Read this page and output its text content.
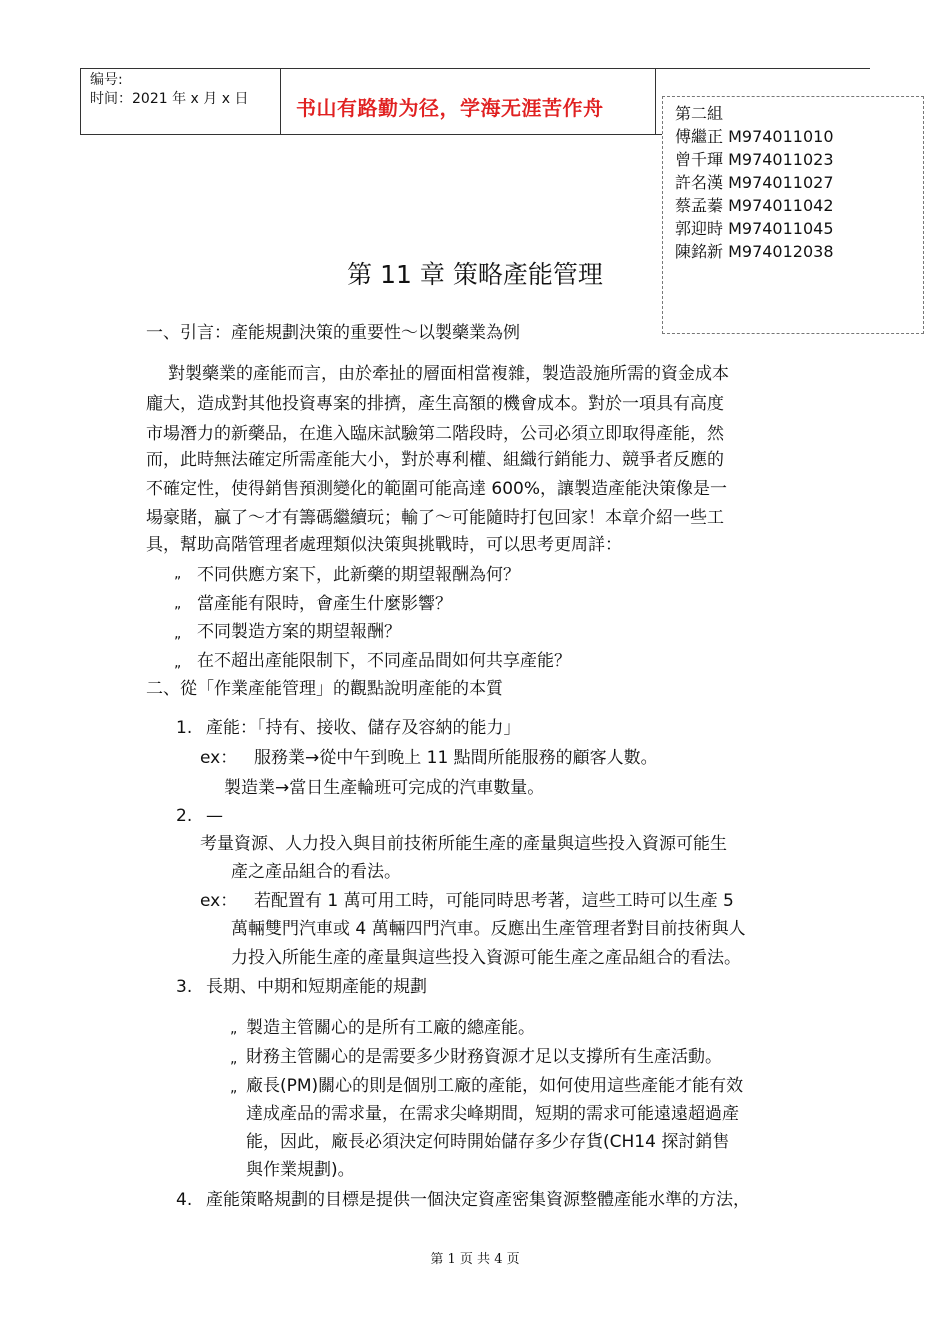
编号:
时间：2021 年 x 月 x 日 书山有路勤为径，学海无涯苦作舟	第二組
傅繼正 M974011010
曾千琿 M974011023
許名漢 M974011027
蔡孟蓁 M974011042
郭迎時 M974011045
陳銘新 M974012038
第 11 章 策略產能管理
一、引言：產能規劃決策的重要性～以製藥業為例
對製藥業的產能而言，由於牽扯的層面相當複雜，製造設施所需的資金成本
龐大，造成對其他投資專案的排擠，產生高額的機會成本。對於一項具有高度
市場潛力的新藥品，在進入臨床試驗第二階段時，公司必須立即取得產能，然
而，此時無法確定所需產能大小，對於專利權、組織行銷能力、競爭者反應的
不確定性，使得銷售預測變化的範圍可能高達 600%，讓製造產能決策像是一
場豪賭，贏了～才有籌碼繼續玩；輸了～可能隨時打包回家！本章介紹一些工
具，幫助高階管理者處理類似決策與挑戰時，可以思考更周詳：
„ 不同供應方案下，此新藥的期望報酬為何？
„ 當產能有限時，會產生什麼影響？
„ 不同製造方案的期望報酬？
„ 在不超出產能限制下，不同產品間如何共享產能？
二、從「作業產能管理」的觀點說明產能的本質
1. 產能：「持有、接收、儲存及容納的能力」
ex： 服務業→從中午到晚上 11 點間所能服務的顧客人數。
製造業→當日生產輪班可完成的汽車數量。
2. —
考量資源、人力投入與目前技術所能生產的產量與這些投入資源可能生
產之產品組合的看法。
ex： 若配置有 1 萬可用工時，可能同時思考著，這些工時可以生產 5
萬輛雙門汽車或 4 萬輛四門汽車。反應出生產管理者對目前技術與人
力投入所能生產的產量與這些投入資源可能生產之產品組合的看法。
3. 長期、中期和短期產能的規劃
„ 製造主管關心的是所有工廠的總產能。
„ 財務主管關心的是需要多少財務資源才足以支撐所有生產活動。
„ 廠長(PM)關心的則是個別工廠的產能，如何使用這些產能才能有效
達成產品的需求量，在需求尖峰期間，短期的需求可能遠遠超過產
能，因此，廠長必須決定何時開始儲存多少存貨(CH14 探討銷售
與作業規劃)。
4. 產能策略規劃的目標是提供一個決定資產密集資源整體產能水準的方法，
第 1 页 共 4 页
